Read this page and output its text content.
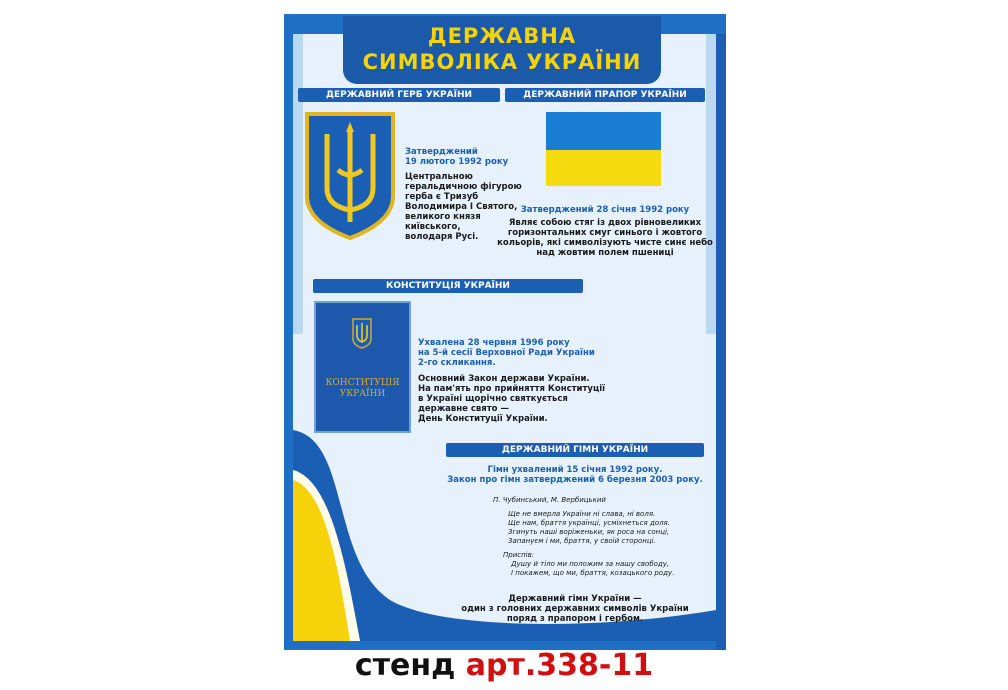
ДЕРЖАВНА
СИМВОЛІКА УКРАЇНИ
ДЕРЖАВНИЙ ГЕРБ УКРАЇНИ
Затверджений
19 лютого 1992 року
Центральною
геральдичною фігурою
герба є Тризуб
Володимира І Святого,
великого князя
київського,
володаря Русі.
ДЕРЖАВНИЙ ПРАПОР УКРАЇНИ
Затверджений 28 січня 1992 року
Являє собою стяг із двох рівновеликих
горизонтальних смуг синього і жовтого
кольорів, які символізують чисте синє небо
над жовтим полем пшениці
КОНСТИТУЦІЯ УКРАЇНИ
КОНСТИТУЦІЯ
УКРАЇНИ
Ухвалена 28 червня 1996 року
на 5-й сесії Верховної Ради України
2-го скликання.
Основний Закон держави України.
На пам'ять про прийняття Конституції
в Україні щорічно святкується
державне свято —
День Конституції України.
ДЕРЖАВНИЙ ГІМН УКРАЇНИ
Гімн ухвалений 15 січня 1992 року.
Закон про гімн затверджений 6 березня 2003 року.
П. Чубинський, М. Вербицький
Ще не вмерла України ні слава, ні воля.
Ще нам, браття українці, усміхнеться доля.
Згинуть наші воріженьки, як роса на сонці,
Запануєм і ми, браття, у своїй сторонці.
Приспів:
Душу й тіло ми положим за нашу свободу,
І покажем, що ми, браття, козацького роду.
Державний гімн України —
один з головних державних символів України
поряд з прапором і гербом.
стенд арт.338-11
